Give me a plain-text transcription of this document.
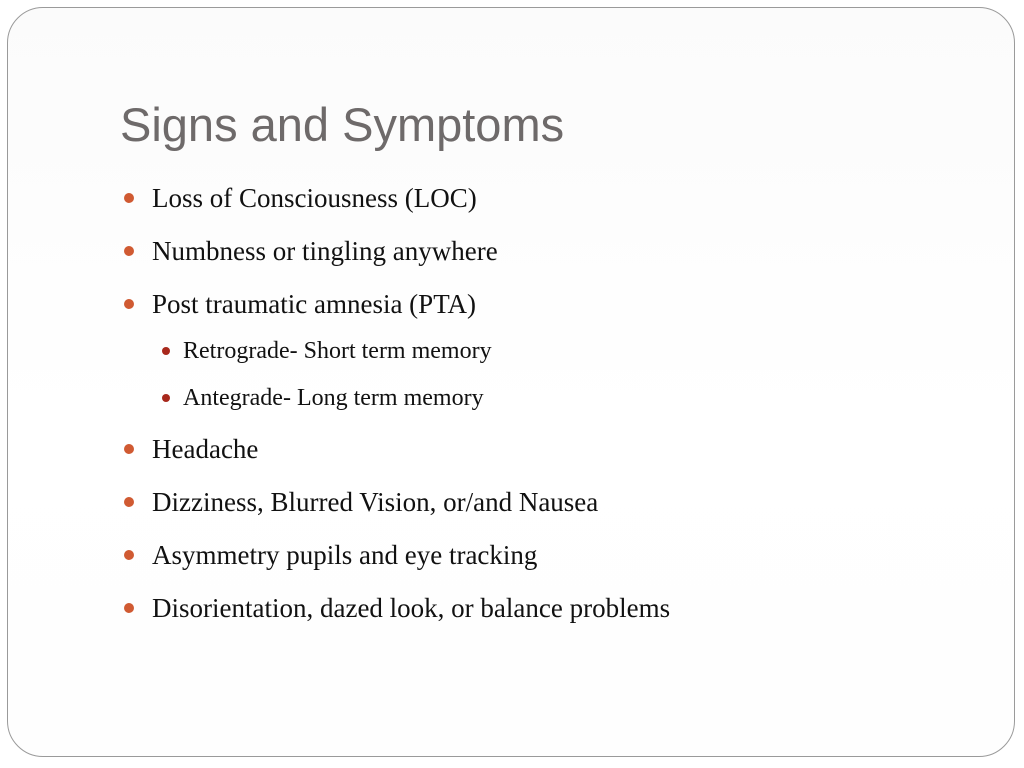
Signs and Symptoms
Loss of Consciousness (LOC)
Numbness or tingling anywhere
Post traumatic amnesia (PTA)
Retrograde- Short term memory
Antegrade- Long term memory
Headache
Dizziness, Blurred Vision, or/and Nausea
Asymmetry pupils and eye tracking
Disorientation, dazed look, or balance problems
